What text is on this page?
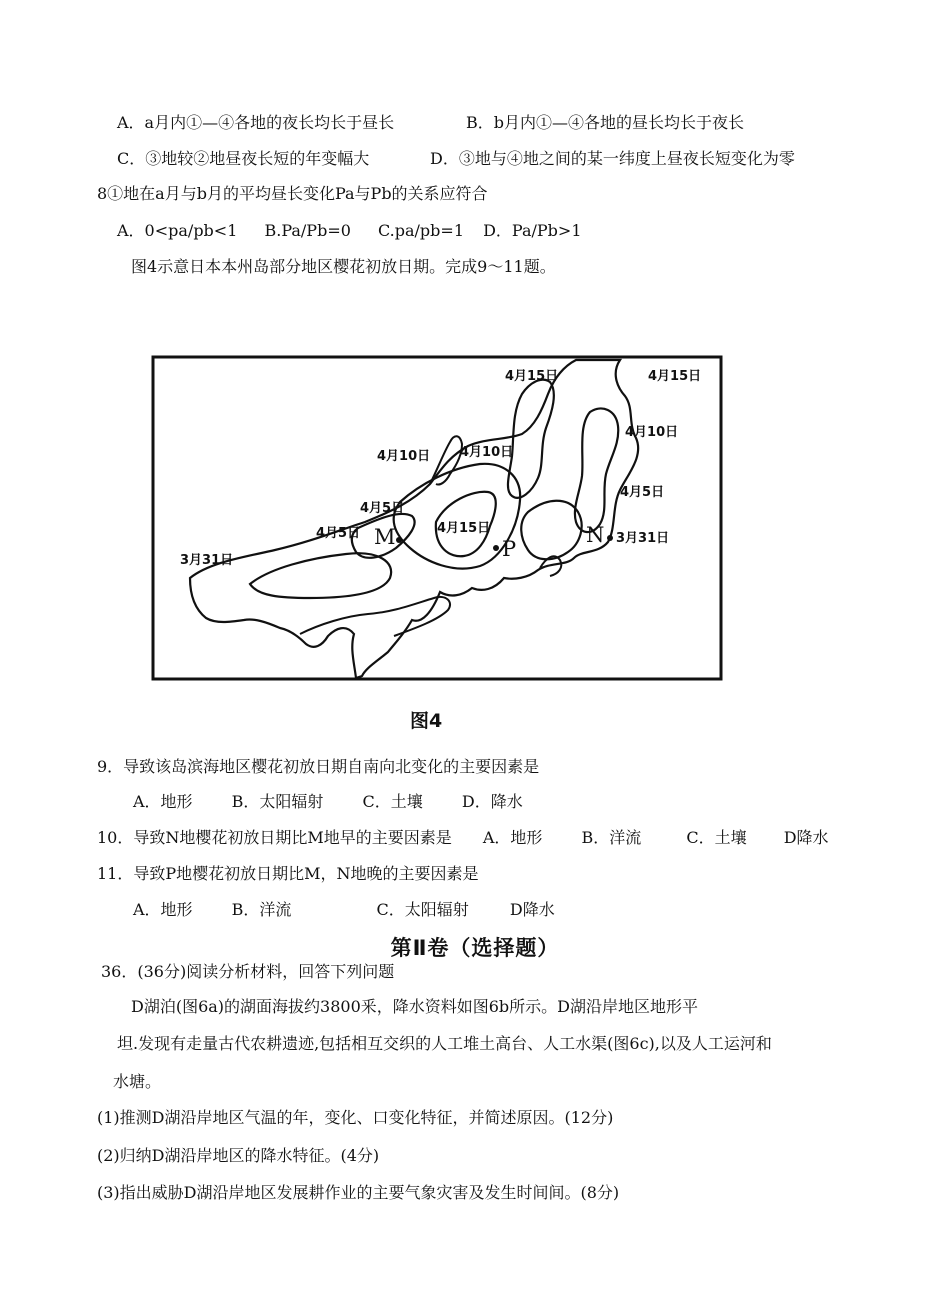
A．a月内①—④各地的夜长均长于昼长	B．b月内①—④各地的昼长均长于夜长
C．③地较②地昼夜长短的年变幅大	D．③地与④地之间的某一纬度上昼夜长短变化为零
8①地在a月与b月的平均昼长变化Pa与Pb的关系应符合
A．0<pa/pb<1 B.Pa/Pb=0 C.pa/pb=1 D．Pa/Pb>1
图4示意日本本州岛部分地区樱花初放日期。完成9～11题。
4月15日	4月15日
4月10日
4月10日 4月10日
4月5日
4月5日
4月5日	4月15日
3月31日
3月31日
M	P
N
图4
9．导致该岛滨海地区樱花初放日期自南向北变化的主要因素是
A．地形 B．太阳辐射 C．土壤 D．降水
10．导致N地樱花初放日期比M地早的主要因素是 A．地形 B．洋流	C．土壤 D降水
11．导致P地樱花初放日期比M，N地晚的主要因素是
A．地形 B．洋流	C．太阳辐射	D降水
第Ⅱ卷（选择题）
36．(36分)阅读分析材料，回答下列问题
D湖泊(图6a)的湖面海拔约3800釆，降水资料如图6b所示。D湖沿岸地区地形平
坦.发现有走量古代农耕遗迹,包括相互交织的人工堆土高台、人工水渠(图6c),以及人工运河和
水塘。
(1)推测D湖沿岸地区气温的年，变化、口变化特征，并简述原因。(12分)
(2)归纳D湖沿岸地区的降水特征。(4分)
(3)指出威胁D湖沿岸地区发展耕作业的主要气象灾害及发生时间间。(8分)
